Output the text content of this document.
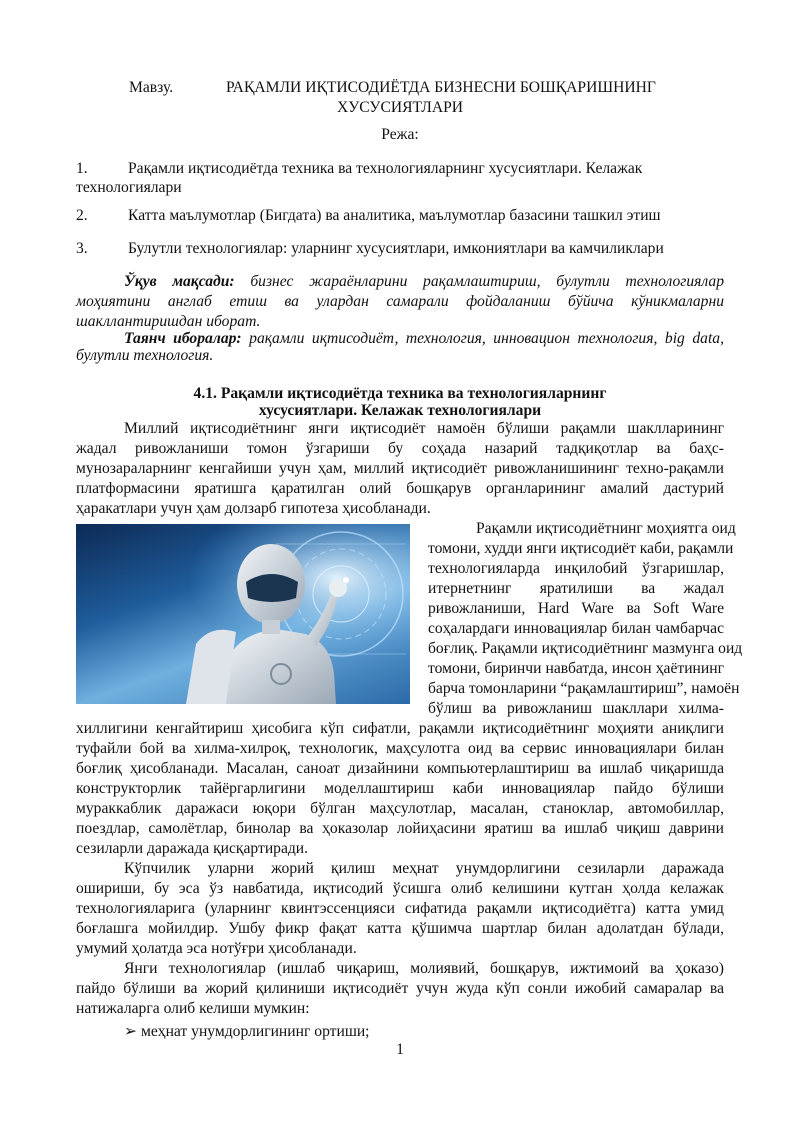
Мавзу.	РАҚАМЛИ ИҚТИСОДИЁТДА БИЗНЕСНИ БОШҚАРИШНИНГ
ХУСУСИЯТЛАРИ
Режа:
1.	Рақамли иқтисодиётда техника ва технологияларнинг хусусиятлари. Келажак
технологиялари
2.	Катта маълумотлар (Бигдата) ва аналитика, маълумотлар базасини ташкил этиш
3.	Булутли технологиялар: уларнинг хусусиятлари, имкониятлари ва камчиликлари
Ўқув мақсади: бизнес жараёнларини рақамлаштириш, булутли технологиялар
моҳиятини англаб етиш ва улардан самарали фойдаланиш бўйича кўникмаларни
шакллантиришдан иборат.
Таянч иборалар: рақамли иқтисодиёт, технология, инновацион технология, big data,
булутли технология.
4.1. Рақамли иқтисодиётда техника ва технологияларнинг
хусусиятлари. Келажак технологиялари
Миллий иқтисодиётнинг янги иқтисодиёт намоён бўлиши рақамли шаклларининг
жадал ривожланиши томон ўзгариши бу соҳада назарий тадқиқотлар ва баҳс-
мунозараларнинг кенгайиши учун ҳам, миллий иқтисодиёт ривожланишининг техно-рақамли
платформасини яратишга қаратилган олий бошқарув органларининг амалий дастурий
ҳаракатлари учун ҳам долзарб гипотеза ҳисобланади.
Рақамли иқтисодиётнинг моҳиятга оид
томони, худди янги иқтисодиёт каби, рақамли
технологияларда инқилобий ўзгаришлар,
итернетнинг яратилиши ва жадал
ривожланиши, Hard Ware ва Soft Ware
соҳалардаги инновациялар билан чамбарчас
боғлиқ. Рақамли иқтисодиётнинг мазмунга оид
томони, биринчи навбатда, инсон ҳаётининг
барча томонларини “рақамлаштириш”, намоён
бўлиш ва ривожланиш шакллари хилма-
хиллигини кенгайтириш ҳисобига кўп сифатли, рақамли иқтисодиётнинг моҳияти аниқлиги
туфайли бой ва хилма-хилроқ, технологик, маҳсулотга оид ва сервис инновациялари билан
боғлиқ ҳисобланади. Масалан, саноат дизайнини компьютерлаштириш ва ишлаб чиқаришда
конструкторлик тайёргарлигини моделлаштириш каби инновациялар пайдо бўлиши
мураккаблик даражаси юқори бўлган маҳсулотлар, масалан, станоклар, автомобиллар,
поездлар, самолётлар, бинолар ва ҳоказолар лойиҳасини яратиш ва ишлаб чиқиш даврини
сезиларли даражада қисқартиради.
Кўпчилик уларни жорий қилиш меҳнат унумдорлигини сезиларли даражада
ошириши, бу эса ўз навбатида, иқтисодий ўсишга олиб келишини кутган ҳолда келажак
технологияларига (уларнинг квинтэссенцияси сифатида рақамли иқтисодиётга) катта умид
боғлашга мойилдир. Ушбу фикр фақат катта қўшимча шартлар билан адолатдан бўлади,
умумий ҳолатда эса нотўғри ҳисобланади.
Янги технологиялар (ишлаб чиқариш, молиявий, бошқарув, ижтимоий ва ҳоказо)
пайдо бўлиши ва жорий қилиниши иқтисодиёт учун жуда кўп сонли ижобий самаралар ва
натижаларга олиб келиши мумкин:
➢ меҳнат унумдорлигининг ортиши;
1
